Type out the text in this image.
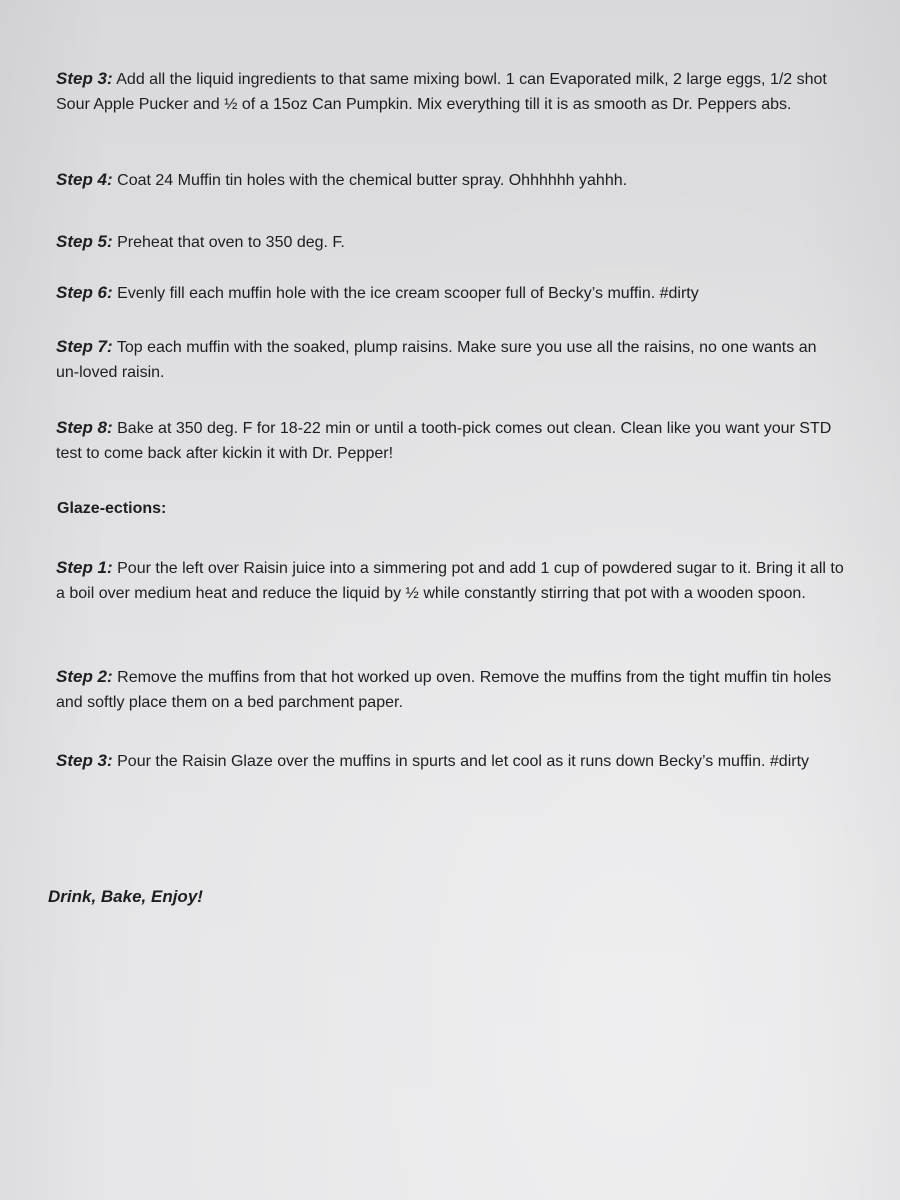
Step 3: Add all the liquid ingredients to that same mixing bowl. 1 can Evaporated milk, 2 large eggs, 1/2 shot Sour Apple Pucker and ½ of a 15oz Can Pumpkin. Mix everything till it is as smooth as Dr. Peppers abs.

Step 4: Coat 24 Muffin tin holes with the chemical butter spray. Ohhhhhh yahhh.

Step 5: Preheat that oven to 350 deg. F.

Step 6: Evenly fill each muffin hole with the ice cream scooper full of Becky’s muffin. #dirty

Step 7: Top each muffin with the soaked, plump raisins. Make sure you use all the raisins, no one wants an un-loved raisin.

Step 8: Bake at 350 deg. F for 18-22 min or until a tooth-pick comes out clean. Clean like you want your STD test to come back after kickin it with Dr. Pepper!

Glaze-ections:

Step 1: Pour the left over Raisin juice into a simmering pot and add 1 cup of powdered sugar to it. Bring it all to a boil over medium heat and reduce the liquid by ½ while constantly stirring that pot with a wooden spoon.

Step 2: Remove the muffins from that hot worked up oven. Remove the muffins from the tight muffin tin holes and softly place them on a bed parchment paper.

Step 3: Pour the Raisin Glaze over the muffins in spurts and let cool as it runs down Becky’s muffin. #dirty

Drink, Bake, Enjoy!
